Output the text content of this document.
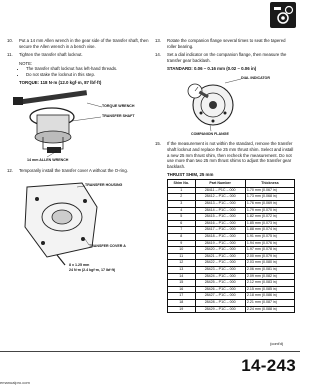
10.	Put a 14 mm Allen wrench in the gear side of the transfer shaft, then secure the Allen wrench in a bench vise.
11.	Tighten the transfer shaft locknut.
NOTE:
• The transfer shaft locknut has left-hand threads.
• Do not stake the locknut in this step.
TORQUE: 118 N·m (12.0 kgf·m, 87 lbf·ft)
TORQUE WRENCH
TRANSFER SHAFT
14 mm ALLEN WRENCH
12.	Temporarily install the transfer cover A without the O-ring.
TRANSFER HOUSING
TRANSFER COVER A
8 x 1.25 mm
24 N·m (2.4 kgf·m, 17 lbf·ft)
13.	Rotate the companion flange several times to seat the tapered roller bearing.
14.	Set a dial indicator on the companion flange, then measure the transfer gear backlash.
STANDARD: 0.06 – 0.16 mm (0.02 – 0.06 in)
DIAL INDICATOR
COMPANION FLANGE
15.	If the measurement is not within the standard, remove the transfer shaft locknut and replace the 25 mm thrust shim. Select and install a new 25 mm thrust shim, then recheck the measurement. Do not use more than two 25 mm thrust shims to adjust the transfer gear backlash.
THRUST SHIM, 25 mm
Shim No.	Part Number	Thickness
1	28411 – P1C – 000	1.70 mm (0.067 in)
2	28412 – P1C – 000	1.73 mm (0.068 in)
3	28413 – P1C – 000	1.76 mm (0.069 in)
4	28414 – P1C – 000	1.79 mm (0.070 in)
5	28415 – P1C – 000	1.82 mm (0.072 in)
6	28416 – P1C – 000	1.85 mm (0.073 in)
7	28417 – P1C – 000	1.88 mm (0.074 in)
8	28418 – P1C – 000	1.91 mm (0.075 in)
9	28419 – P1C – 000	1.94 mm (0.076 in)
10	28420 – P1C – 000	1.97 mm (0.078 in)
11	28421 – P1C – 000	2.00 mm (0.079 in)
12	28422 – P1C – 000	2.03 mm (0.080 in)
13	28423 – P1C – 000	2.06 mm (0.081 in)
14	28424 – P1C – 000	2.09 mm (0.082 in)
15	28425 – P1C – 000	2.12 mm (0.083 in)
16	28426 – P1C – 000	2.15 mm (0.085 in)
17	28427 – P1C – 000	2.18 mm (0.086 in)
18	28428 – P1C – 000	2.21 mm (0.087 in)
19	28429 – P1C – 000	2.24 mm (0.088 in)
(cont'd)
14-243
emanualpro.com
